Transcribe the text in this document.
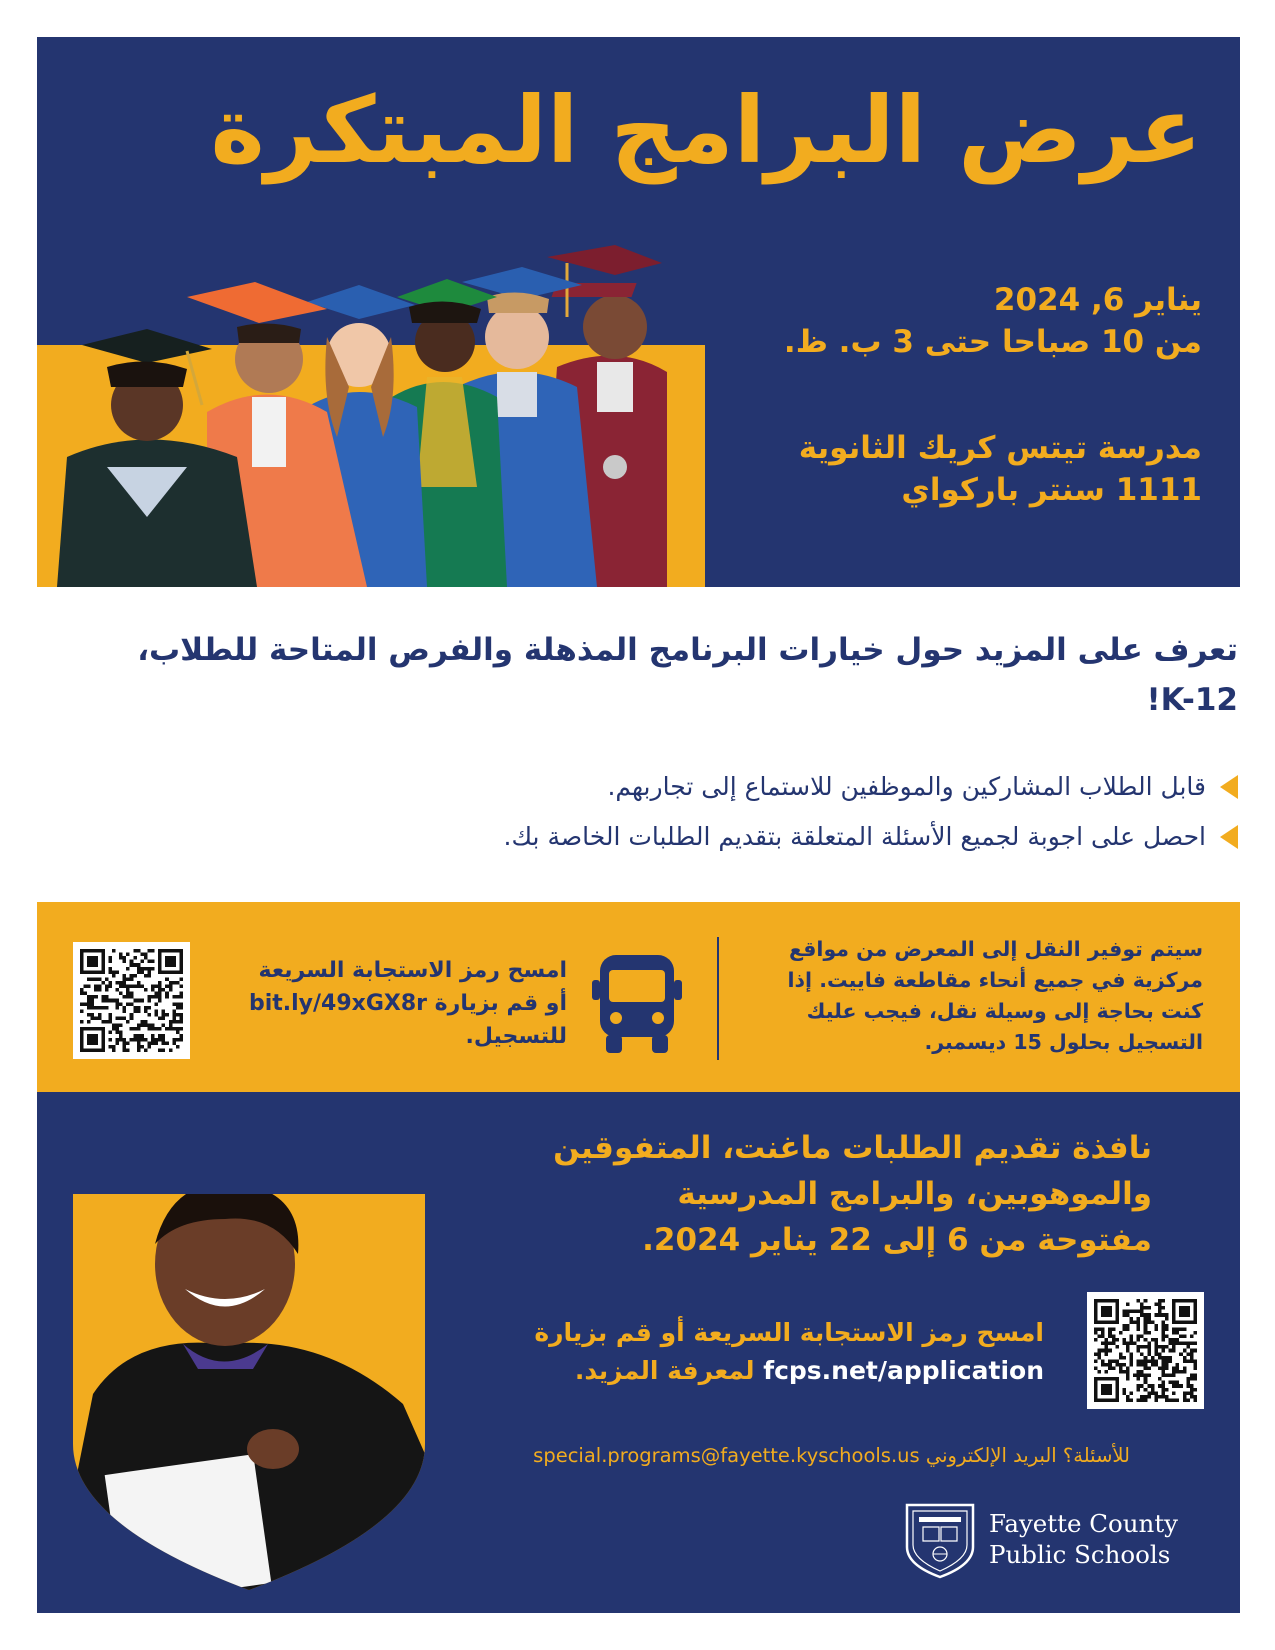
عرض البرامج المبتكرة
يناير 6, 2024
من 10 صباحا حتى 3 ب. ظ.
مدرسة تيتس كريك الثانوية
1111 سنتر باركواي
تعرف على المزيد حول خيارات البرنامج المذهلة والفرص المتاحة للطلاب، K-12!
قابل الطلاب المشاركين والموظفين للاستماع إلى تجاربهم.
احصل على اجوبة لجميع الأسئلة المتعلقة بتقديم الطلبات الخاصة بك.

سيتم توفير النقل إلى المعرض من مواقع مركزية في جميع أنحاء مقاطعة فاييت. إذا كنت بحاجة إلى وسيلة نقل، فيجب عليك التسجيل بحلول 15 ديسمبر.

امسح رمز الاستجابة السريعة
أو قم بزيارة bit.ly/49xGX8r
للتسجيل.
نافذة تقديم الطلبات ماغنت، المتفوقين
والموهوبين، والبرامج المدرسية
مفتوحة من 6 إلى 22 يناير 2024.
امسح رمز الاستجابة السريعة أو قم بزيارة
fcps.net/application لمعرفة المزيد.
للأسئلة؟ البريد الإلكتروني special.programs@fayette.kyschools.us
Fayette County
Public Schools
